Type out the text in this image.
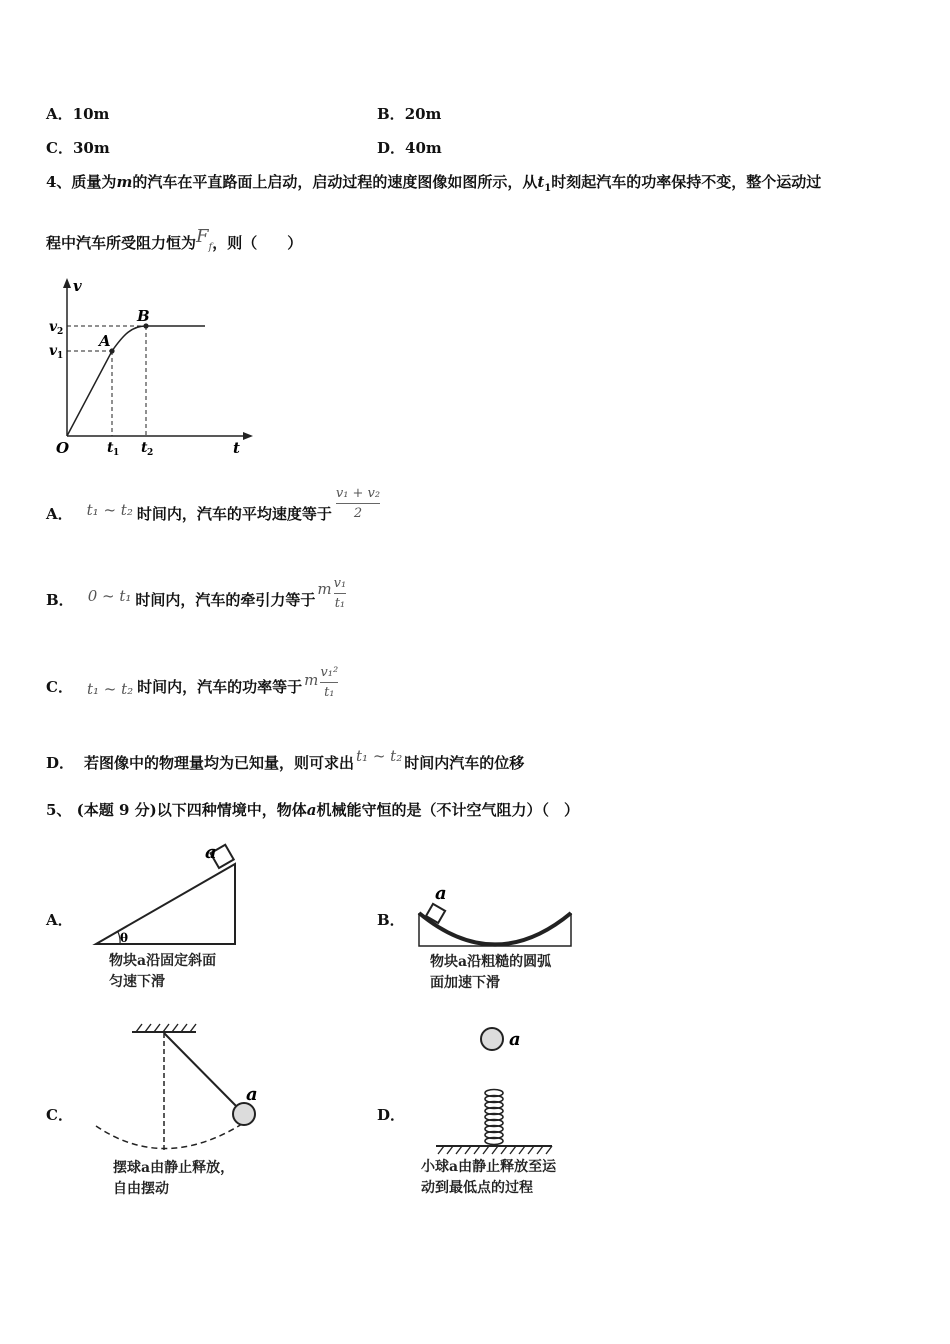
A．10m	B．20m
C．30m	D．40m
4、质量为m的汽车在平直路面上启动，启动过程的速度图像如图所示，从$t_1$时刻起汽车的功率保持不变，整个运动过
程中汽车所受阻力恒为$F_f$，则（　　）
v
t
O
v 2
v 1
t 1 t 2
A
B
A． t₁ ~ t₂ 时间内，汽车的平均速度等于 $\frac{\text{v₁ + v₂}}{2}$
B． 0 ~ t₁ 时间内，汽车的牵引力等于
m $\frac{\text{v₁}}{\text{t₁}}$
C． t₁ ~ t₂ 时间内，汽车的功率等于 m $\frac{\text{v₁²}}{\text{t₁}}$
D． 若图像中的物理量均为已知量，则可求出 t₁ ~ t₂ 时间内汽车的位移
5、 (本题 9 分)以下四种情境中，物体a机械能守恒的是（不计空气阻力）（　）
A．
θ
a
物块a沿固定斜面
匀速下滑
B．
a
物块a沿粗糙的圆弧
面加速下滑
C．
a
摆球a由静止释放，
自由摆动
D．
a
小球a由静止释放至运
动到最低点的过程
